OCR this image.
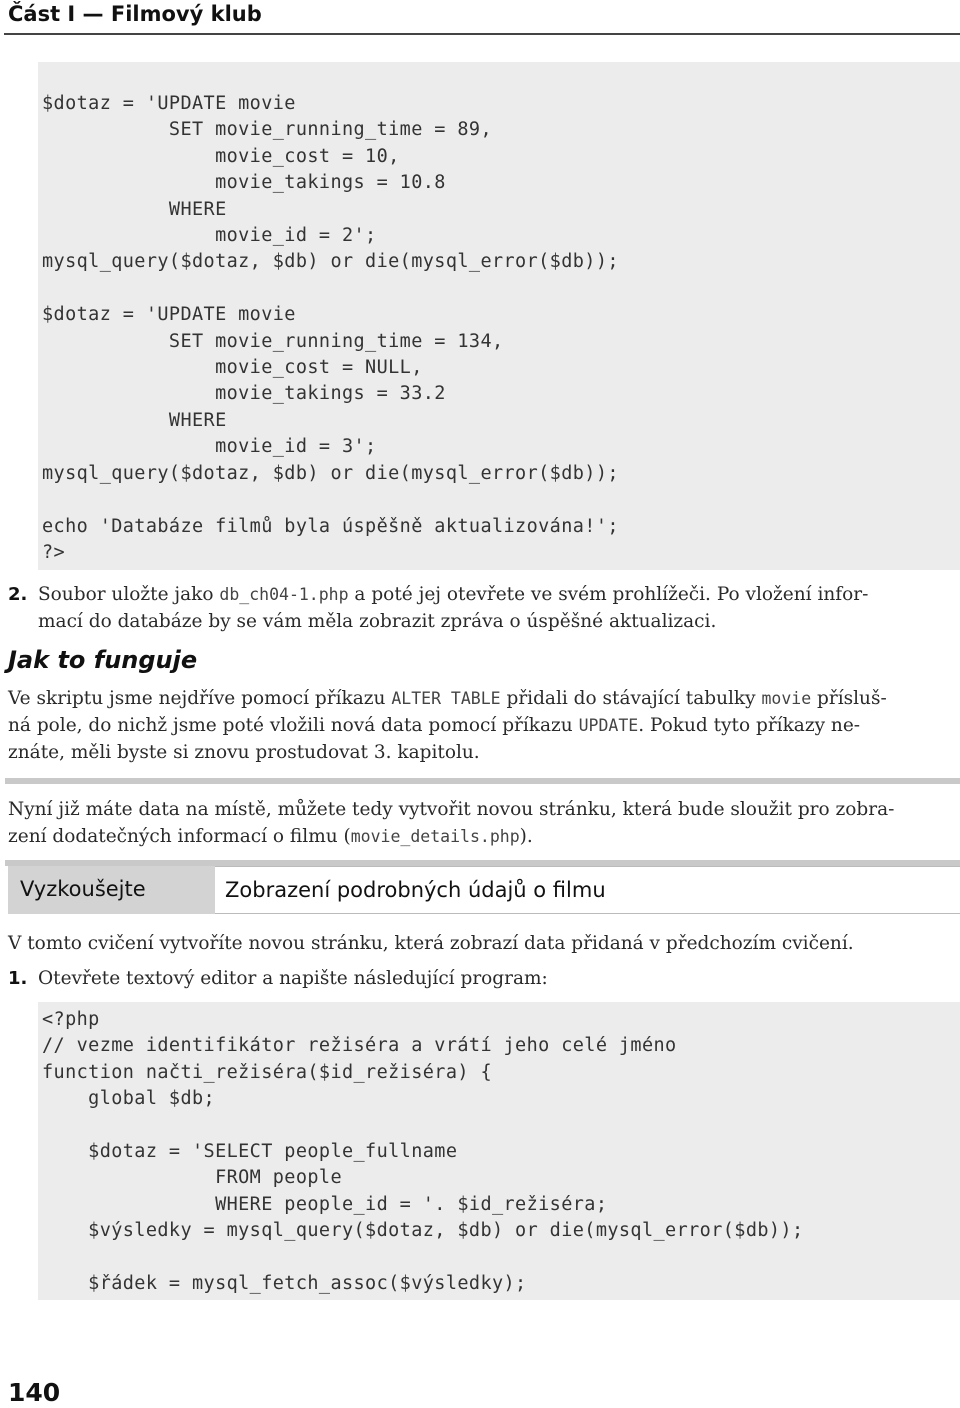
Část I — Filmový klub
$dotaz = 'UPDATE movie
SET movie_running_time = 89,
movie_cost = 10,
movie_takings = 10.8
WHERE
movie_id = 2';
mysql_query($dotaz, $db) or die(mysql_error($db));

$dotaz = 'UPDATE movie
SET movie_running_time = 134,
movie_cost = NULL,
movie_takings = 33.2
WHERE
movie_id = 3';
mysql_query($dotaz, $db) or die(mysql_error($db));

echo 'Databáze filmů byla úspěšně aktualizována!';
?>
2. Soubor uložte jako db_ch04-1.php a poté jej otevřete ve svém prohlížeči. Po vložení infor-
mací do databáze by se vám měla zobrazit zpráva o úspěšné aktualizaci.
Jak to funguje
Ve skriptu jsme nejdříve pomocí příkazu ALTER TABLE přidali do stávající tabulky movie přísluš-
ná pole, do nichž jsme poté vložili nová data pomocí příkazu UPDATE. Pokud tyto příkazy ne-
znáte, měli byste si znovu prostudovat 3. kapitolu.
Nyní již máte data na místě, můžete tedy vytvořit novou stránku, která bude sloužit pro zobra-
zení dodatečných informací o filmu (movie_details.php).
Vyzkoušejte	Zobrazení podrobných údajů o filmu
V tomto cvičení vytvoříte novou stránku, která zobrazí data přidaná v předchozím cvičení.
1. Otevřete textový editor a napište následující program:
<?php
// vezme identifikátor režiséra a vrátí jeho celé jméno
function načti_režiséra($id_režiséra) {
global $db;

$dotaz = 'SELECT people_fullname
FROM people
WHERE people_id = '. $id_režiséra;
$výsledky = mysql_query($dotaz, $db) or die(mysql_error($db));

$řádek = mysql_fetch_assoc($výsledky);
140
